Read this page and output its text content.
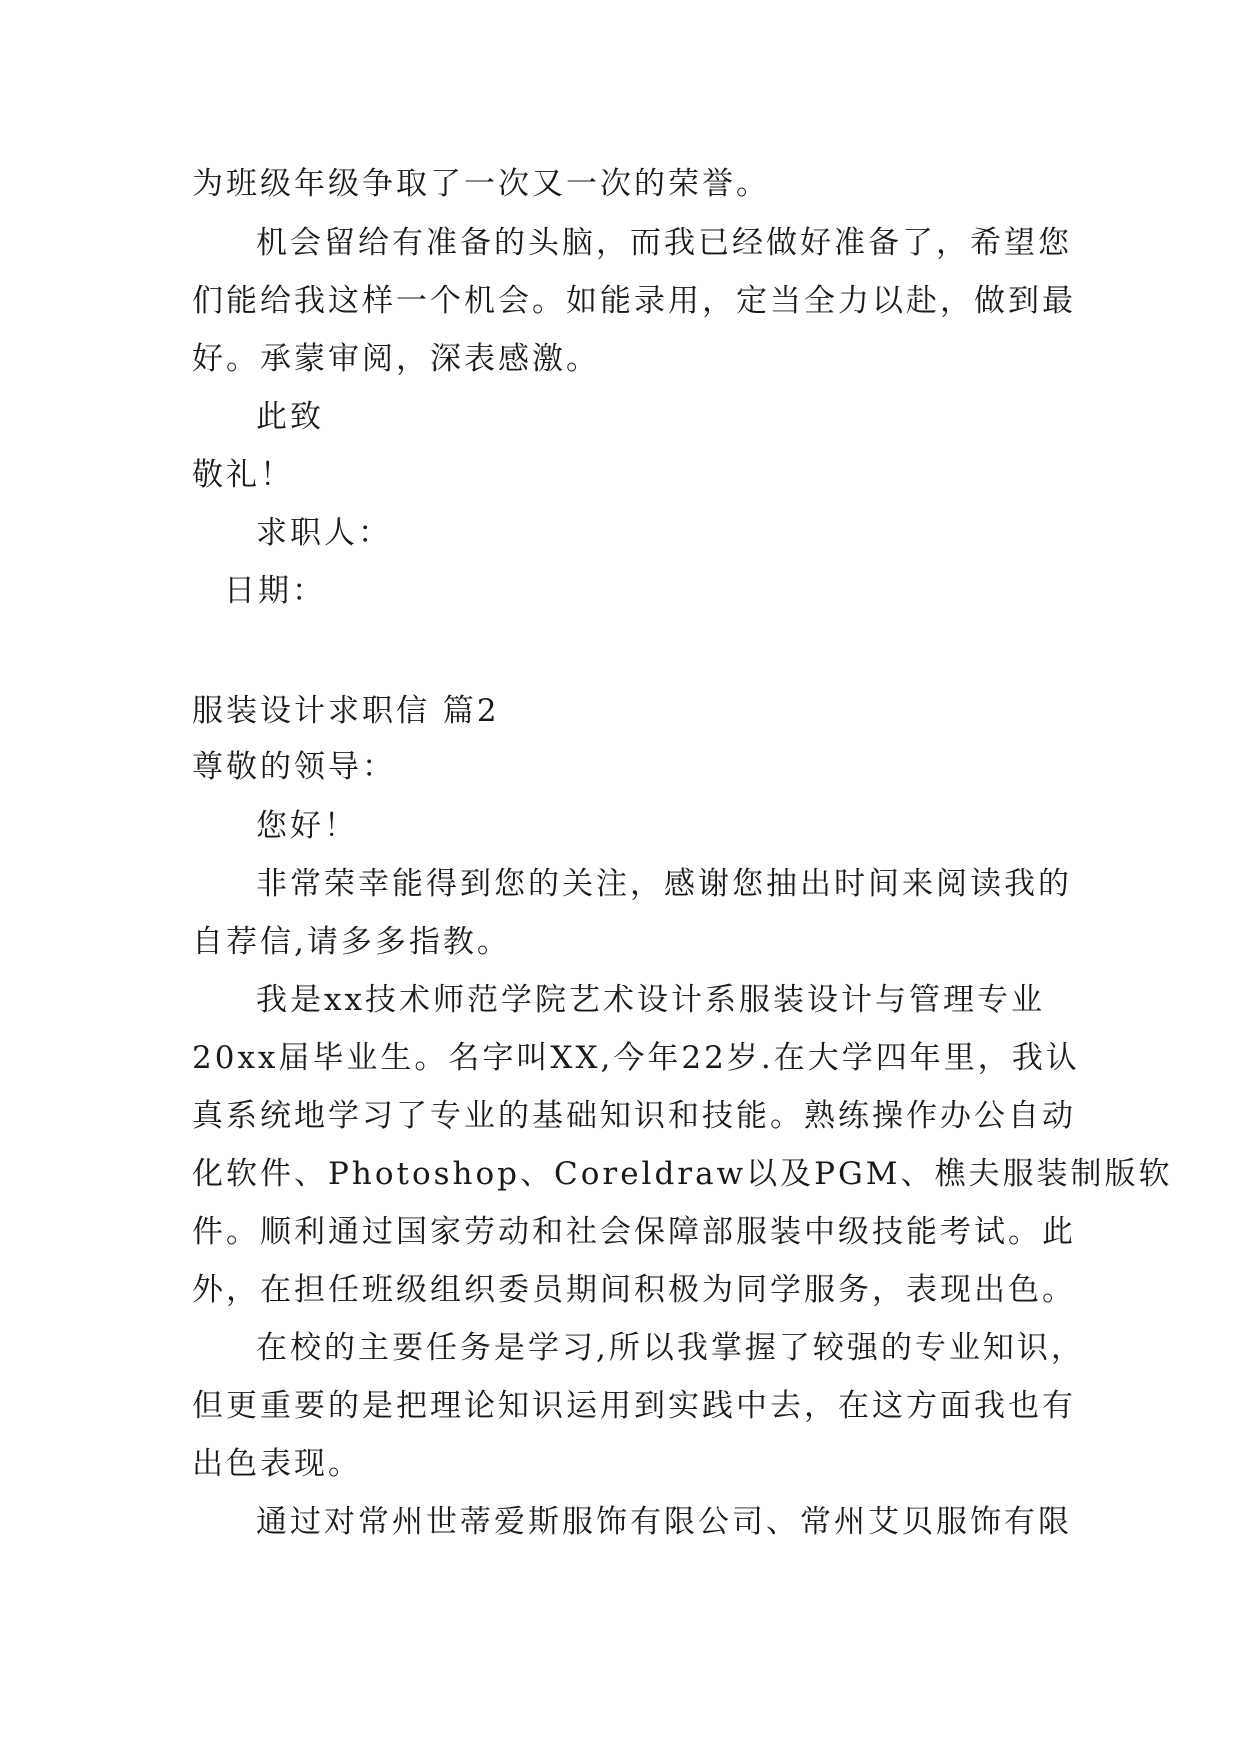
为班级年级争取了一次又一次的荣誉。
机会留给有准备的头脑，而我已经做好准备了，希望您
们能给我这样一个机会。如能录用，定当全力以赴，做到最
好。承蒙审阅，深表感激。
此致
敬礼！
求职人：
日期：
服装设计求职信 篇2
尊敬的领导：
您好！
非常荣幸能得到您的关注，感谢您抽出时间来阅读我的
自荐信,请多多指教。
我是xx技术师范学院艺术设计系服装设计与管理专业
20xx届毕业生。名字叫XX,今年22岁.在大学四年里，我认
真系统地学习了专业的基础知识和技能。熟练操作办公自动
化软件、Photoshop、Coreldraw以及PGM、樵夫服装制版软
件。顺利通过国家劳动和社会保障部服装中级技能考试。此
外，在担任班级组织委员期间积极为同学服务，表现出色。
在校的主要任务是学习,所以我掌握了较强的专业知识，
但更重要的是把理论知识运用到实践中去，在这方面我也有
出色表现。
通过对常州世蒂爱斯服饰有限公司、常州艾贝服饰有限
